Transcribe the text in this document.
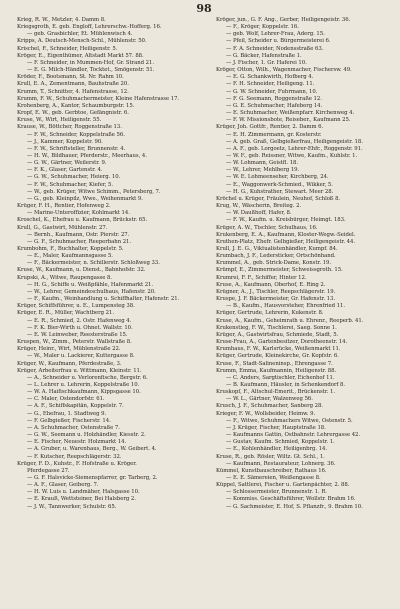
98
Krieg, R. W., Metzler, 4. Damm 8.
Kriegsgroth, E. geb. Engloff, Lehrerschw.-Hofferg. 16.
— geb. Grasbichler, Et. Mühlenwisch 4.
Kripps, A. Deutsch-Mensch-Schl., Mühlenstr. 50.
Krischel, F., Schneider, Heiligenstr. 5.
Kröger, E., Eigenthümer, Altstadt Markt 57. 88.
— F. Schneider, in Mummen-Hof, Gr. Strand 21.
— E. G. Milch-Händler, Tocktet., Smögenstr. 51.
Kröder, F., Bootsmann, St. Nr. Rahm 10.
Krull, E. A., Zementmann, Bauhstraße 20.
Krumm, T., Schnitter, 4. Hafenstrasse, 12.
Krumm, F. W., Schuhmachermeister, Kleine Hafenstrasse 17.
Krohenberg, A., Kantor, Schaumburgstr. 15.
Kropf, E. W., geb. Gerbtoe, Gefängnistr. 6.
Kruse, W., Wirt, Heiligenstr. 55.
Krause, W., Böttcher, Roggenstraße 13.
— F. W., Schneider, Koppelstraße 56.
— J., Kammer, Koppelstr. 90.
— F. W., Schriftsteller, Brunnenstr. 4.
— H. W., Bildhauer, Pferderstr., Meerhaus, 4.
— G. W., Gärtner, Weilerstr. 9.
— F. K., Glaser, Gartenstr. 4.
— G. W., Schuhmacher, Heierg. 10.
— F. W., Schuhmacher, Kiefer, 5.
— W., geb. Krüger, Witwe Schimm., Petersberg, 7.
— G., geb. Kleinpilz, Wwe., Weihenmarkt 9.
Krüger, F. H., Rentier, Hofenweg 2.
— Marine-Unteroffizier, Kohlmarkt 14.
Kroschel, K., Ehefrau u. Kaufmann, Brückstr. 65.
Krull, G., Gastwirt, Mühlenstr. 27.
— Bernh., Kaufmann, Ostr. Pierstr. 27.
— G. F., Schuhmacher, Reeperbahn 21.
Krumbohm, F., Buchhalter, Koppelstr. 5.
— E., Maler, Kaufmannsgasse 5.
— F., Bäckermeister, n. Schillerstr. Schloßweg 33.
Kruse, W., Kaufmann, u. Dienst., Bahnhofstr. 32.
Krupski, A., Witwe, Raupengasse 8.
— H. G., Schiffe u. Weißpfähle, Hafenmarkt 21.
— W., Lehrer, Gemeindeschulhaus, Hafenstr. 20.
— F., Kaufm., Weinhandlung u. Schiffhalter, Hafenstr. 21.
Krüger, Schiffsführer, u. E., Lumpensteg 38.
Krüger, E. R., Müller, Wachtberg 21.
— E. R., Schmied, 2. Ostr. Hafenweg 4.
— F. K. Bier-Wirth u. Ohnet. Wallstr. 10.
— E. W. Leinweber, Reesterstraße 15.
Kruspen, W., Zimm., Peterstr. Wallstraße 8.
Krüger, Heinr., Wirt, Mühlenstraße 22.
— W., Maler u. Lackierer, Kuttergasse 8.
Krüger, W., Kaufmann, Pferdestraße, 3.
Krüger, Arbeiterfrau u. Wittmann, Kleinstr. 11.
— A., Schneider u. Verlorenfische, Bergstr. 6.
— L. Lehrer u. Lehrerin, Koppelstraße 10.
— W. A. Haifischkaufmann, Kippsgasse 10.
— C. Maler, Ostendorfstr. 61.
— A. F., Schiffskapitän, Koppelstr. 7.
— G., Ehefrau, 1. Stadtweg 9.
— F. Gelbgießer, Fischerstr. 14.
— A. Schuhmacher, Ostenstraße 7.
— G. W., Seemann u. Holzhändler, Kiesstr. 2.
— E. Fischer, Neuestr. Holzmarkt 14.
— A. Gruber, u. Warenhaus, Berg., W. Geibert. 4.
— F. Kutscher, Reepschlägerstr. 32.
Krüger, F. D., Kuhstr., F. Hofstraße u. Kröger.
Pferdegasse 27.
— G. F. Halsvicke-Siemenspfarrer, gr. Tarberg, 2.
— A. F., Glaser, Geiberg. 7.
— H. W. Luis u. Landmäher, Halsgasse 10.
— E. Krauß, Wettsteiner, Bei Halsberg 2.
— J. W., Tannwerker, Schulstr. 65.
Kröger, jun., G. F. Ang., Gerber, Heiligengeistr. 36.
— F., Kröger, Koppelstr. 16.
— geb. Wolf, Lehrer-Frau, Aderg. 15.
— Pfeil, Scheider u. Bürgermeisterei 6.
— F. A. Schneider, Nodensstraße 63.
— G. Bäcker, Hafenstraße 1.
— J. Fischer, 1. Gr. Haferei 10.
Kröger, Otton, Wilh., Wagenmacher, Fischersw. 49.
— E. G. Schankwirth, Hofberg 4.
— F. H. Schneider, Heiligeng. 11.
— G. W. Schneider, Fuhrmann, 10.
— F. G. Seemann, Roggenstraße 12.
— G. E. Schuhmacher, Hafeberg 14.
— E. Schuhmacher, Weißenpfarr. Kirchenweg 4.
— F. W. Missionsbote, Reiseber., Kaufmann 25.
Krüger, Joh. Gottfr., Rentier, 2. Damm 6.
— E. H. Zimmermann, gr. Kosterstr.
— A. geb. Graß, Gelbgießerfrau, Heiligengeistr. 18.
— A. F., geb. Lorgoetz, Lehrer-Ehfr., Roggenstr. 91.
— W. F., geb. Reissner, Witwe, Kaufm., Kuhlstr. 1.
— W. Lohmann, Geistfl. 18.
— W., Lehrer, Mehlberg 19.
— W. E. Lohmeenseher, Kirchberg, 24.
— E., Waggonwerk-Schmied., Wikker, 5.
— H. G., Kuhstrather, Stewart. Meer 28.
Kröchel u. Krüger, Fräulein, Neuhof, Schloß 8.
Krug, W., Wäscherin, Breiteg. 2.
— W. Daußhoff, Hafer, 8.
— F. W., Kaufm. u. Kreisbürger, Heimgt. 183.
Krüger, A. W., Tischler, Schulhaus, 16.
Krukenberg, E. A., Kaufmann, Kloster-Wegw.-Seidel.
Kruthen-Platz, Ehefr. Gelbgießer, Heiligengeistr. 44.
Krull, J. E. G., Viktualistenhändler, Kumpf. 84.
Krumbach, J. F., Ledersticker, Ortschönhand.
Krummel, A., geb. Strick-Dame, Konstr. 19.
Krümpf, E., Zimmermeister, Schweissgroth. 15.
Krumrei, F. F., Schiffer, Hinter 12.
Kruse, A., Kaufmann, Oberhof, E. Ring 2.
Krügner, A., J., Tischler, Reepschlägerstr. 19.
Kruspe, J. F. Bäckermeister, Gr. Hafenstr. 13.
— B., Kaufm., Hausvorsteher, Ehrenfried 11.
Krüger, Gertrude, Lehrerin, Kukenstr. 8.
Kruse, A., Kaufm., Geheimrath u. Ehrenr., Reeperb. 41.
Krukenstieg, F. W., Tischlerei, Saeg. Sonne 1.
Krüger, A., Gastwirtsfrau, Schmiede, Stadt, 5.
Kruse-Frau, A., Gartenbesitzer, Dorotheenstr. 14.
Krumhaus, F. W., Karlsrücke, Weißenmarkt 11.
Krüger, Gertrude, Kleinekirche, Gr. Kopfstr. 6.
Kruse, F., Stadt-Salineninsp., Ehrengasse 7.
Krumm, Emma, Kaufmannin, Heiligenstr. 88.
— C. Anders, Sargtischler, Eichenhof 11.
— B. Kaufmann, Häusler, in Schenkendorf 8.
Kruskopf, F., Altschul-Emerit., Brückenstr. 1.
— W. L., Gärtner, Walzenweg 56.
Krusch, J. F., Schuhmacher, Sanberg 28.
Krieger, F. W., Wollsbeider, Heimw. 9.
— F., Witwe, Schuhmachers Witwe, Ostenstr. 5.
— J. Krüger, Fischer, Hauptstraße 18.
— Kaufmanns Gattin, Ostbahnstr. Lehrergasse 42.
— Gustav, Kaufm. Schmied, Koppelstr. 1.
— E., Kohlenhändler, Heiligenbrg. 14.
Kruse, R., geb. Rösler, Wiltz. Gt. Schl., 1.
— Kaufmann, Restaurateur, Lohnerg. 36.
Kümmel, Kunstbauschreiber, Rathaus 16.
— E. E. Sämereien, Weißengasse 8.
Küppel, Sattlerei, Fischer u. Gartenpächter, 2. 88.
— Schlossermeister, Brunnenstr. 1. R.
— Kommiss. Geschäftsführer, Wollstr. Brahm 16.
— G. Sachmeister, E. Hof, S. Pflanzfr., 9. Brahm 10.
